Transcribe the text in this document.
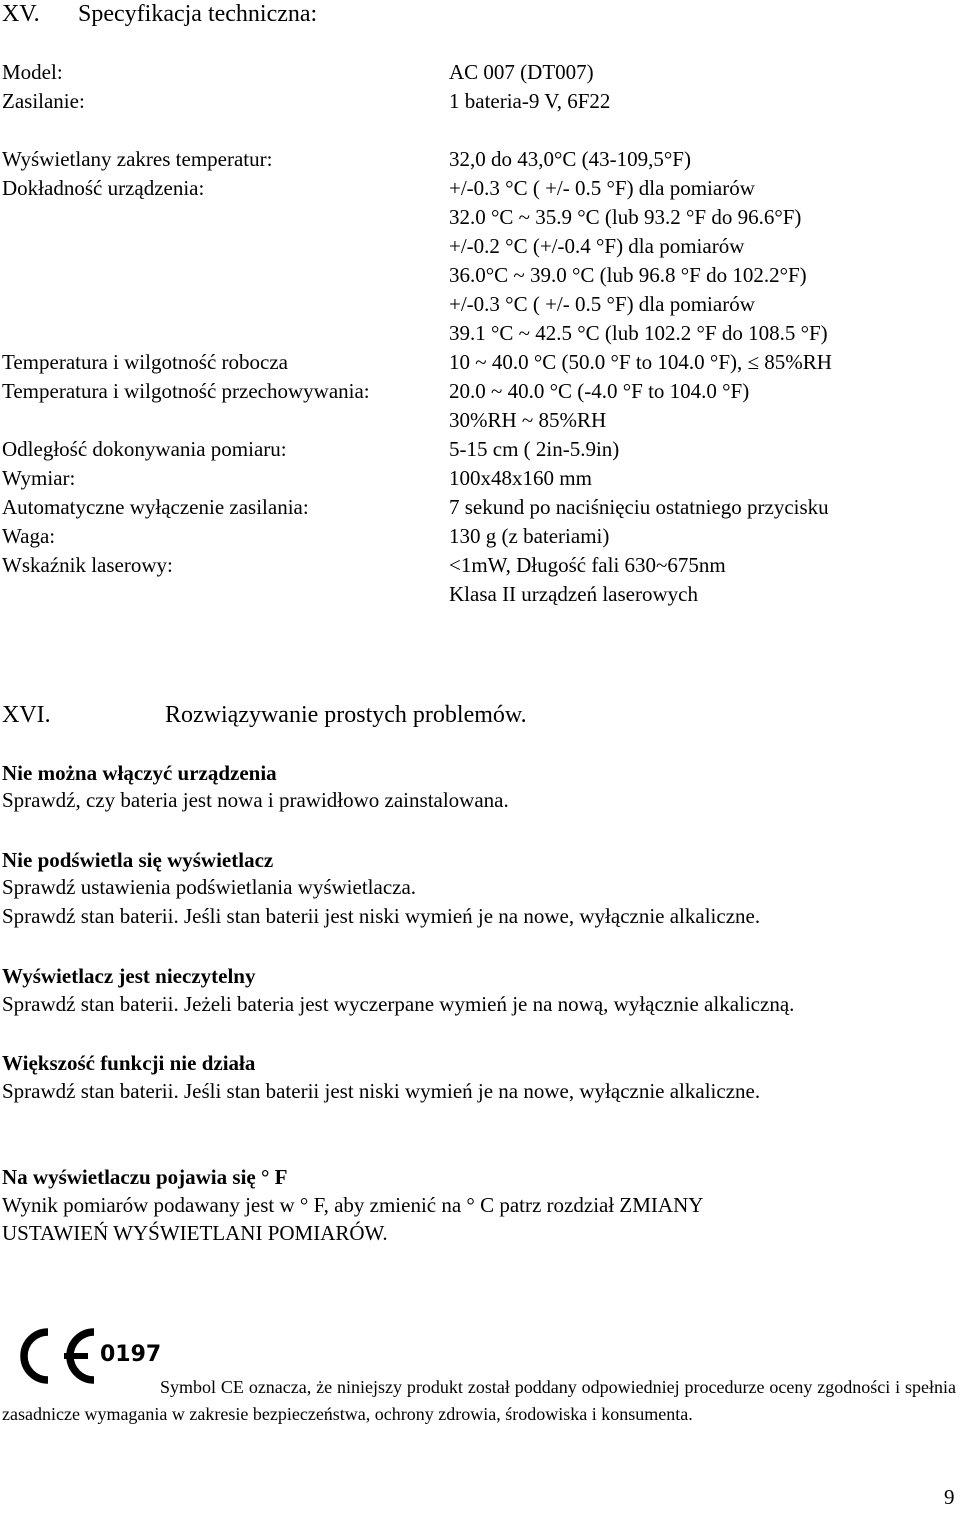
XV. Specyfikacja techniczna:
Model:	AC 007 (DT007)
Zasilanie:	1 bateria-9 V, 6F22
Wyświetlany zakres temperatur:	32,0 do 43,0°C (43-109,5°F)
Dokładność urządzenia:	+/-0.3 °C ( +/- 0.5 °F) dla pomiarów
32.0 °C ~ 35.9 °C (lub 93.2 °F do 96.6°F)
+/-0.2 °C (+/-0.4 °F) dla pomiarów
36.0°C ~ 39.0 °C (lub 96.8 °F do 102.2°F)
+/-0.3 °C ( +/- 0.5 °F) dla pomiarów
39.1 °C ~ 42.5 °C (lub 102.2 °F do 108.5 °F)
Temperatura i wilgotność robocza	10 ~ 40.0 °C (50.0 °F to 104.0 °F), ≤ 85%RH
Temperatura i wilgotność przechowywania:	20.0 ~ 40.0 °C (-4.0 °F to 104.0 °F)
30%RH ~ 85%RH
Odległość dokonywania pomiaru:	5-15 cm ( 2in-5.9in)
Wymiar:	100x48x160 mm
Automatyczne wyłączenie zasilania:	7 sekund po naciśnięciu ostatniego przycisku
Waga:	130 g (z bateriami)
Wskaźnik laserowy:	<1mW, Długość fali 630~675nm
Klasa II urządzeń laserowych
XVI.	Rozwiązywanie prostych problemów.
Nie można włączyć urządzenia
Sprawdź, czy bateria jest nowa i prawidłowo zainstalowana.
Nie podświetla się wyświetlacz
Sprawdź ustawienia podświetlania wyświetlacza.
Sprawdź stan baterii. Jeśli stan baterii jest niski wymień je na nowe, wyłącznie alkaliczne.
Wyświetlacz jest nieczytelny
Sprawdź stan baterii. Jeżeli bateria jest wyczerpane wymień je na nową, wyłącznie alkaliczną.
Większość funkcji nie działa
Sprawdź stan baterii. Jeśli stan baterii jest niski wymień je na nowe, wyłącznie alkaliczne.
Na wyświetlaczu pojawia się ° F
Wynik pomiarów podawany jest w ° F, aby zmienić na ° C patrz rozdział ZMIANY
USTAWIEŃ WYŚWIETLANI POMIARÓW.
0197
Symbol CE oznacza, że niniejszy produkt został poddany odpowiedniej procedurze oceny zgodności i spełnia zasadnicze wymagania w zakresie bezpieczeństwa, ochrony zdrowia, środowiska i konsumenta.
9
